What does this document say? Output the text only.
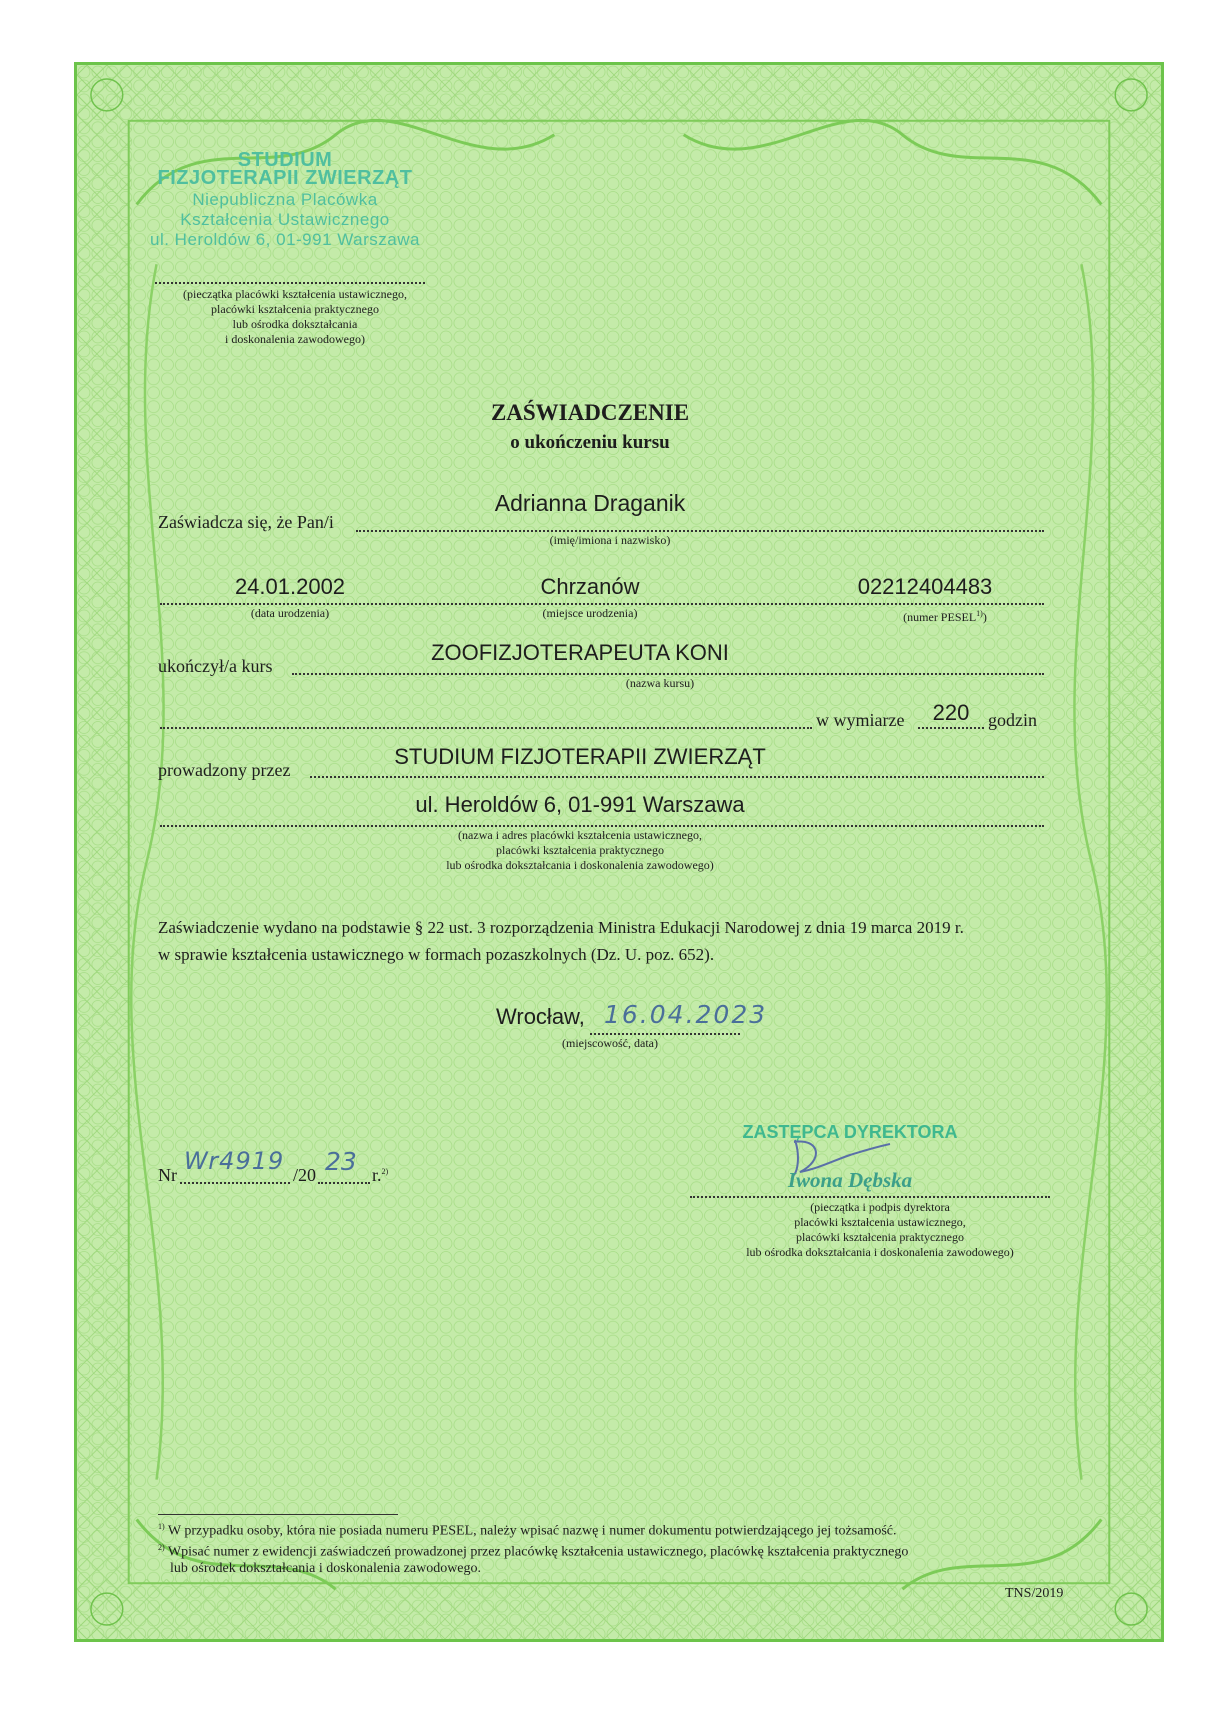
STUDIUM
FIZJOTERAPII ZWIERZĄT
Niepubliczna Placówka
Kształcenia Ustawicznego
ul. Heroldów 6, 01-991 Warszawa
(pieczątka placówki kształcenia ustawicznego,
placówki kształcenia praktycznego
lub ośrodka dokształcania
i doskonalenia zawodowego)
ZAŚWIADCZENIE
o ukończeniu kursu
Zaświadcza się, że Pan/i
Adrianna Draganik
(imię/imiona i nazwisko)
24.01.2002
(data urodzenia)
Chrzanów
(miejsce urodzenia)
02212404483
(numer PESEL$^{1)}$)
ukończył/a kurs
ZOOFIZJOTERAPEUTA KONI
(nazwa kursu)
w wymiarze	220	godzin
prowadzony przez
STUDIUM FIZJOTERAPII ZWIERZĄT
ul. Heroldów 6, 01-991 Warszawa
(nazwa i adres placówki kształcenia ustawicznego,
placówki kształcenia praktycznego
lub ośrodka dokształcania i doskonalenia zawodowego)
Zaświadczenie wydano na podstawie § 22 ust. 3 rozporządzenia Ministra Edukacji Narodowej z dnia 19 marca 2019 r.
w sprawie kształcenia ustawicznego w formach pozaszkolnych (Dz. U. poz. 652).
Wrocław, 16.04.2023
(miejscowość, data)
Nr Wr4919 /20 23 r.$^{2)}$
ZASTĘPCA DYREKTORA
Iwona Dębska
(pieczątka i podpis dyrektora
placówki kształcenia ustawicznego,
placówki kształcenia praktycznego
lub ośrodka dokształcania i doskonalenia zawodowego)
$^{1)}$ W przypadku osoby, która nie posiada numeru PESEL, należy wpisać nazwę i numer dokumentu potwierdzającego jej tożsamość.
$^{2)}$ Wpisać numer z ewidencji zaświadczeń prowadzonej przez placówkę kształcenia ustawicznego, placówkę kształcenia praktycznego
lub ośrodek dokształcania i doskonalenia zawodowego.
TNS/2019
